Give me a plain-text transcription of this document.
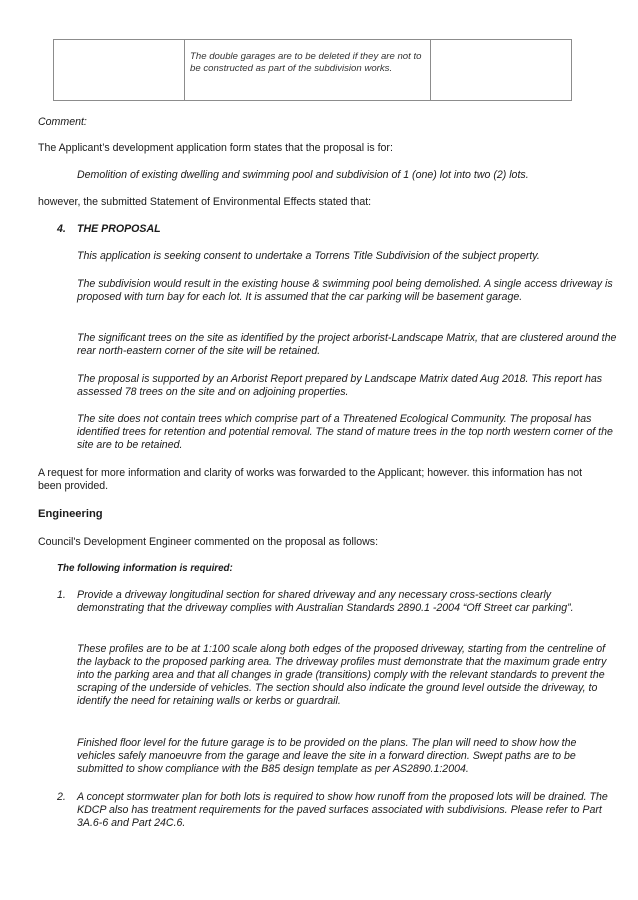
	The double garages are to be deleted if they are not to be constructed as part of the subdivision works.	

Comment:

The Applicant’s development application form states that the proposal is for:

Demolition of existing dwelling and swimming pool and subdivision of 1 (one) lot into two (2) lots.

however, the submitted Statement of Environmental Effects stated that:

4. THE PROPOSAL

This application is seeking consent to undertake a Torrens Title Subdivision of the subject property.

The subdivision would result in the existing house & swimming pool being demolished. A single access driveway is proposed with turn bay for each lot. It is assumed that the car parking will be basement garage.

The significant trees on the site as identified by the project arborist-Landscape Matrix, that are clustered around the rear north-eastern corner of the site will be retained.

The proposal is supported by an Arborist Report prepared by Landscape Matrix dated Aug 2018. This report has assessed 78 trees on the site and on adjoining properties.

The site does not contain trees which comprise part of a Threatened Ecological Community. The proposal has identified trees for retention and potential removal. The stand of mature trees in the top north western corner of the site are to be retained.

A request for more information and clarity of works was forwarded to the Applicant; however. this information has not been provided.

Engineering

Council's Development Engineer commented on the proposal as follows:

The following information is required:

1. Provide a driveway longitudinal section for shared driveway and any necessary cross-sections clearly demonstrating that the driveway complies with Australian Standards 2890.1 -2004 “Off Street car parking”.

These profiles are to be at 1:100 scale along both edges of the proposed driveway, starting from the centreline of the layback to the proposed parking area. The driveway profiles must demonstrate that the maximum grade entry into the parking area and that all changes in grade (transitions) comply with the relevant standards to prevent the scraping of the underside of vehicles. The section should also indicate the ground level outside the driveway, to identify the need for retaining walls or kerbs or guardrail.

Finished floor level for the future garage is to be provided on the plans. The plan will need to show how the vehicles safely manoeuvre from the garage and leave the site in a forward direction. Swept paths are to be submitted to show compliance with the B85 design template as per AS2890.1:2004.

2. A concept stormwater plan for both lots is required to show how runoff from the proposed lots will be drained. The KDCP also has treatment requirements for the paved surfaces associated with subdivisions. Please refer to Part 3A.6-6 and Part 24C.6.
